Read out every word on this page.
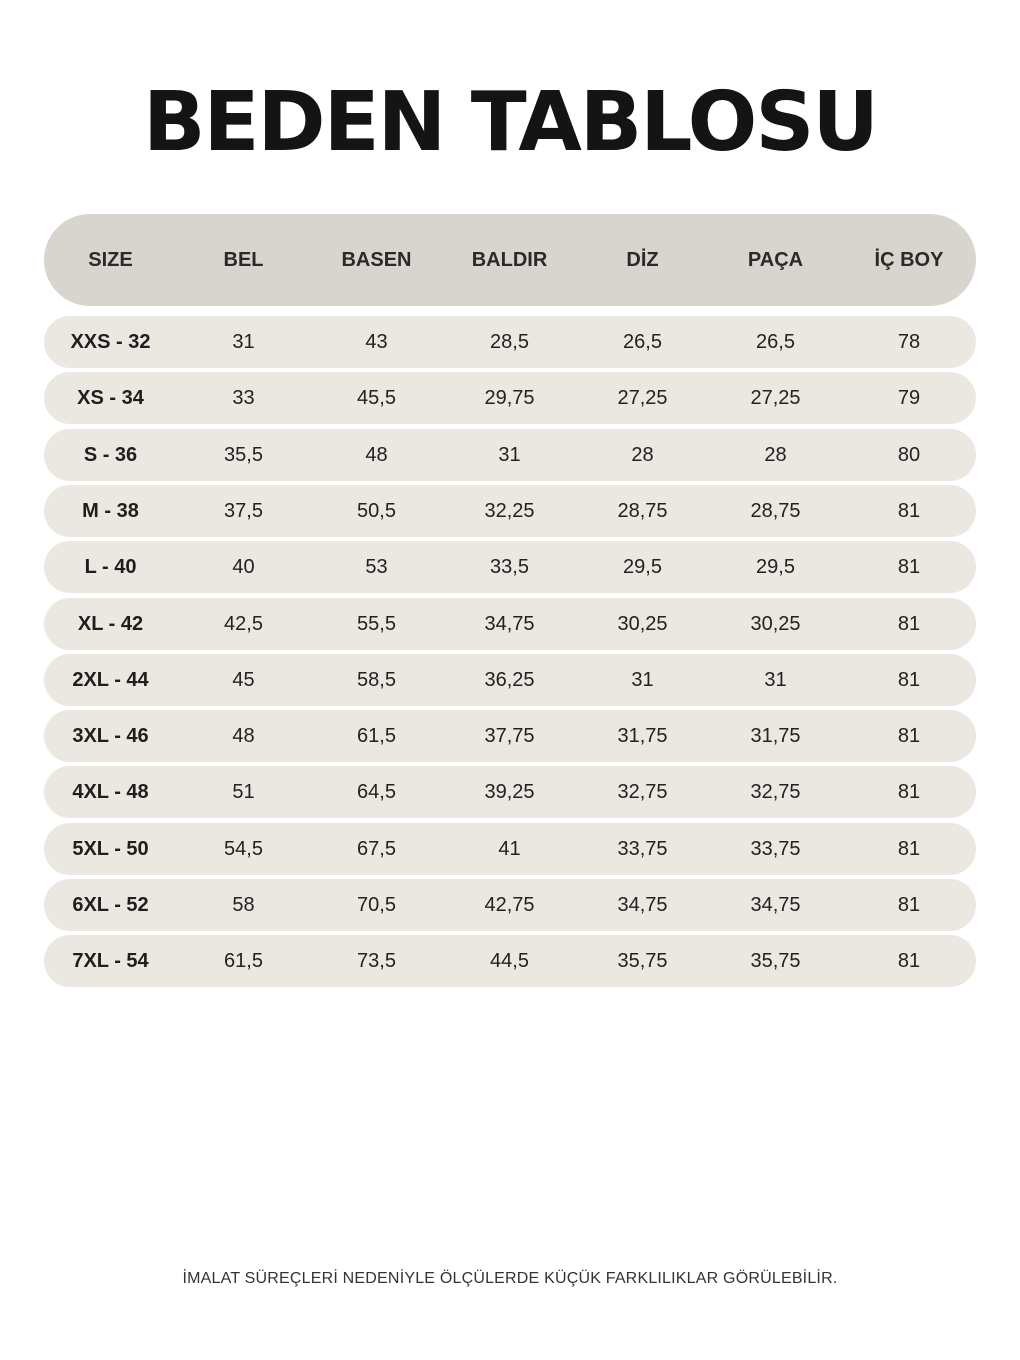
BEDEN TABLOSU
SIZE	BEL	BASEN	BALDIR	DİZ	PAÇA	İÇ BOY
XXS - 32	31	43	28,5	26,5	26,5	78
XS - 34	33	45,5	29,75	27,25	27,25	79
S - 36	35,5	48	31	28	28	80
M - 38	37,5	50,5	32,25	28,75	28,75	81
L - 40	40	53	33,5	29,5	29,5	81
XL - 42	42,5	55,5	34,75	30,25	30,25	81
2XL - 44	45	58,5	36,25	31	31	81
3XL - 46	48	61,5	37,75	31,75	31,75	81
4XL - 48	51	64,5	39,25	32,75	32,75	81
5XL - 50	54,5	67,5	41	33,75	33,75	81
6XL - 52	58	70,5	42,75	34,75	34,75	81
7XL - 54	61,5	73,5	44,5	35,75	35,75	81
İMALAT SÜREÇLERİ NEDENİYLE ÖLÇÜLERDE KÜÇÜK FARKLILIKLAR GÖRÜLEBİLİR.
